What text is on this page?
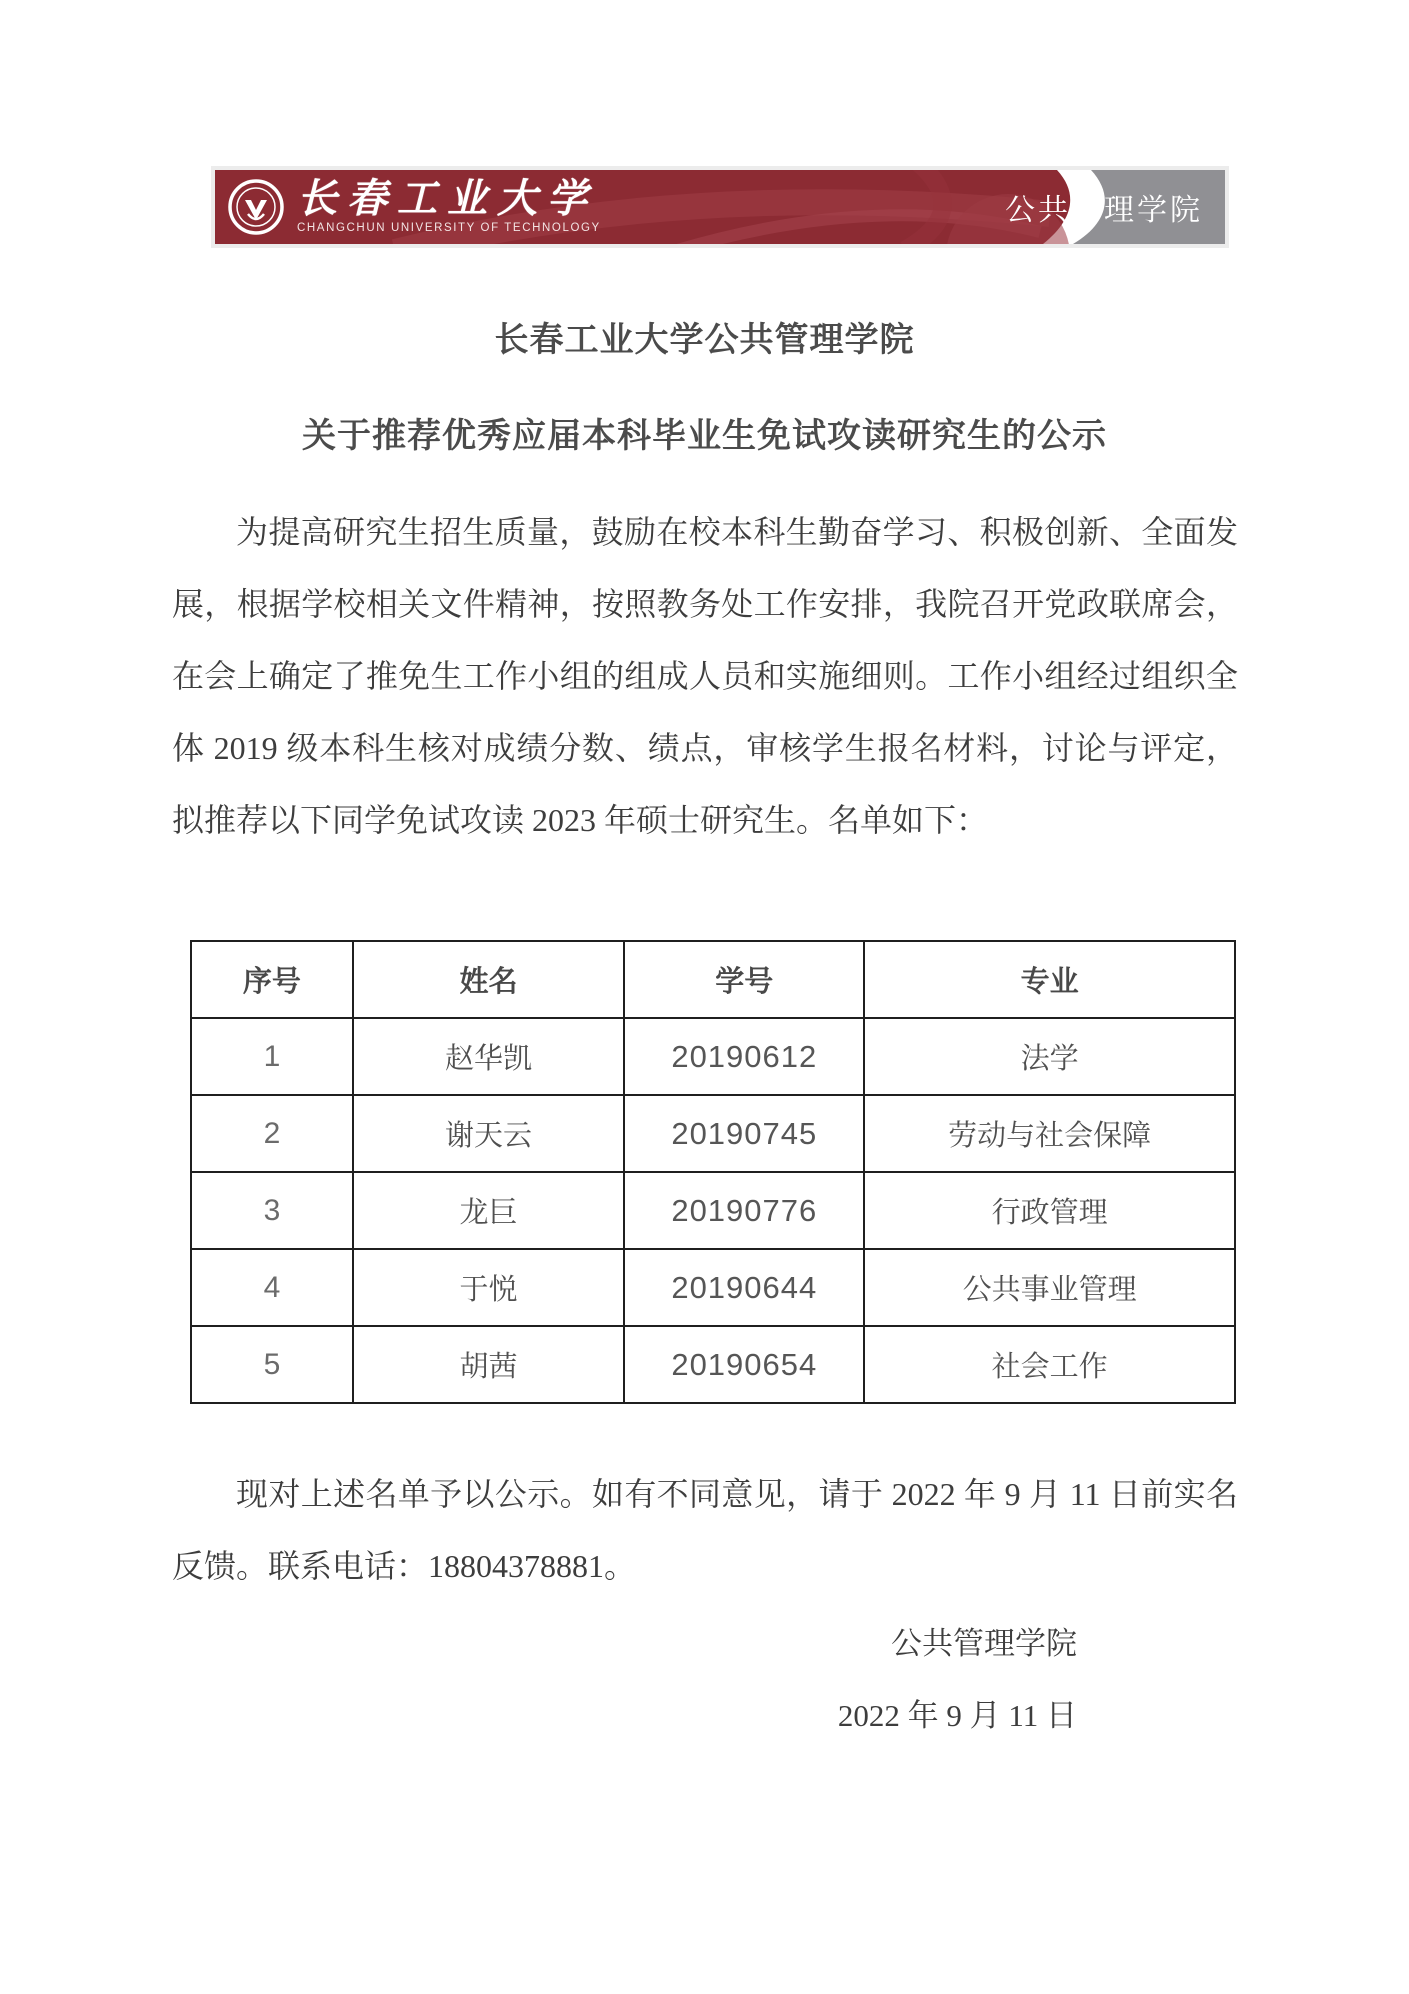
长春工业大学
CHANGCHUN UNIVERSITY OF TECHNOLOGY
公共管理学院
长春工业大学公共管理学院
关于推荐优秀应届本科毕业生免试攻读研究生的公示
为提高研究生招生质量，鼓励在校本科生勤奋学习、积极创新、全面发展，根据学校相关文件精神，按照教务处工作安排，我院召开党政联席会，在会上确定了推免生工作小组的组成人员和实施细则。工作小组经过组织全体 2019 级本科生核对成绩分数、绩点，审核学生报名材料，讨论与评定，拟推荐以下同学免试攻读 2023 年硕士研究生。名单如下：
序号	姓名	学号	专业
1	赵华凯	20190612	法学
2	谢天云	20190745	劳动与社会保障
3	龙巨	20190776	行政管理
4	于悦	20190644	公共事业管理
5	胡茜	20190654	社会工作
现对上述名单予以公示。如有不同意见，请于 2022 年 9 月 11 日前实名反馈。联系电话：18804378881。
公共管理学院
2022 年 9 月 11 日
